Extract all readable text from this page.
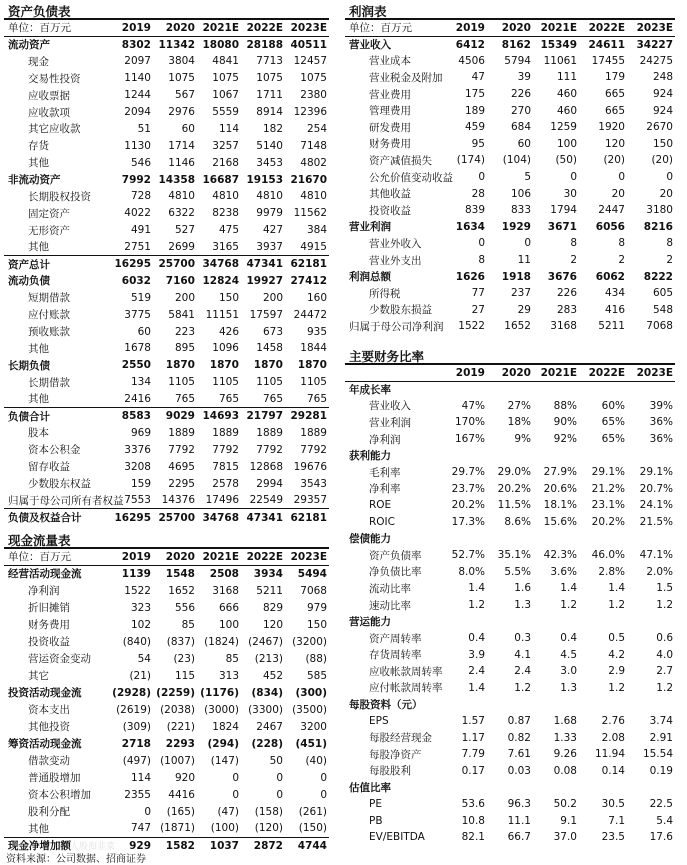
资产负债表
单位：百万元	2019	2020	2021E	2022E	2023E
流动资产	8302	11342	18080	28188	40511
现金	2097	3804	4841	7713	12457
交易性投资	1140	1075	1075	1075	1075
应收票据	1244	567	1067	1711	2380
应收款项	2094	2976	5559	8914	12396
其它应收款	51	60	114	182	254
存货	1130	1714	3257	5140	7148
其他	546	1146	2168	3453	4802
非流动资产	7992	14358	16687	19153	21670
长期股权投资	728	4810	4810	4810	4810
固定资产	4022	6322	8238	9979	11562
无形资产	491	527	475	427	384
其他	2751	2699	3165	3937	4915
资产总计	16295	25700	34768	47341	62181
流动负债	6032	7160	12824	19927	27412
短期借款	519	200	150	200	160
应付账款	3775	5841	11151	17597	24472
预收账款	60	223	426	673	935
其他	1678	895	1096	1458	1844
长期负债	2550	1870	1870	1870	1870
长期借款	134	1105	1105	1105	1105
其他	2416	765	765	765	765
负债合计	8583	9029	14693	21797	29281
股本	969	1889	1889	1889	1889
资本公积金	3376	7792	7792	7792	7792
留存收益	3208	4695	7815	12868	19676
少数股东权益	159	2295	2578	2994	3543
归属于母公司所有者权益	7553	14376	17496	22549	29357
负债及权益合计	16295	25700	34768	47341	62181
现金流量表
单位：百万元	2019	2020	2021E	2022E	2023E
经营活动现金流	1139	1548	2508	3934	5494
净利润	1522	1652	3168	5211	7068
折旧摊销	323	556	666	829	979
财务费用	102	85	100	120	150
投资收益	(840)	(837)	(1824)	(2467)	(3200)
营运资金变动	54	(23)	85	(213)	(88)
其它	(21)	115	313	452	585
投资活动现金流	(2928)	(2259)	(1176)	(834)	(300)
资本支出	(2619)	(2038)	(3000)	(3300)	(3500)
其他投资	(309)	(221)	1824	2467	3200
筹资活动现金流	2718	2293	(294)	(228)	(451)
借款变动	(497)	(1007)	(147)	50	(40)
普通股增加	114	920	0	0	0
资本公积增加	2355	4416	0	0	0
股利分配	0	(165)	(47)	(158)	(261)
其他	747	(1871)	(100)	(120)	(150)
现金净增加额	929	1582	1037	2872	4744
利润表
单位：百万元	2019	2020	2021E	2022E	2023E
营业收入	6412	8162	15349	24611	34227
营业成本	4506	5794	11061	17455	24275
营业税金及附加	47	39	111	179	248
营业费用	175	226	460	665	924
管理费用	189	270	460	665	924
研发费用	459	684	1259	1920	2670
财务费用	95	60	100	120	150
资产减值损失	(174)	(104)	(50)	(20)	(20)
公允价值变动收益	0	5	0	0	0
其他收益	28	106	30	20	20
投资收益	839	833	1794	2447	3180
营业利润	1634	1929	3671	6056	8216
营业外收入	0	0	8	8	8
营业外支出	8	11	2	2	2
利润总额	1626	1918	3676	6062	8222
所得税	77	237	226	434	605
少数股东损益	27	29	283	416	548
归属于母公司净利润	1522	1652	3168	5211	7068
主要财务比率
	2019	2020	2021E	2022E	2023E
年成长率					
营业收入	47%	27%	88%	60%	39%
营业利润	170%	18%	90%	65%	36%
净利润	167%	9%	92%	65%	36%
获利能力					
毛利率	29.7%	29.0%	27.9%	29.1%	29.1%
净利率	23.7%	20.2%	20.6%	21.2%	20.7%
ROE	20.2%	11.5%	18.1%	23.1%	24.1%
ROIC	17.3%	8.6%	15.6%	20.2%	21.5%
偿债能力					
资产负债率	52.7%	35.1%	42.3%	46.0%	47.1%
净负债比率	8.0%	5.5%	3.6%	2.8%	2.0%
流动比率	1.4	1.6	1.4	1.4	1.5
速动比率	1.2	1.3	1.2	1.2	1.2
营运能力					
资产周转率	0.4	0.3	0.4	0.5	0.6
存货周转率	3.9	4.1	4.5	4.2	4.0
应收帐款周转率	2.4	2.4	3.0	2.9	2.7
应付帐款周转率	1.4	1.2	1.3	1.2	1.2
每股资料（元）					
EPS	1.57	0.87	1.68	2.76	3.74
每股经营现金	1.17	0.82	1.33	2.08	2.91
每股净资产	7.79	7.61	9.26	11.94	15.54
每股股利	0.17	0.03	0.08	0.14	0.19
估值比率					
PE	53.6	96.3	50.2	30.5	22.5
PB	10.8	11.1	9.1	7.1	5.4
EV/EBITDA	82.1	66.7	37.0	23.5	17.6
人股海韭菜
资料来源：公司数据、招商证券
